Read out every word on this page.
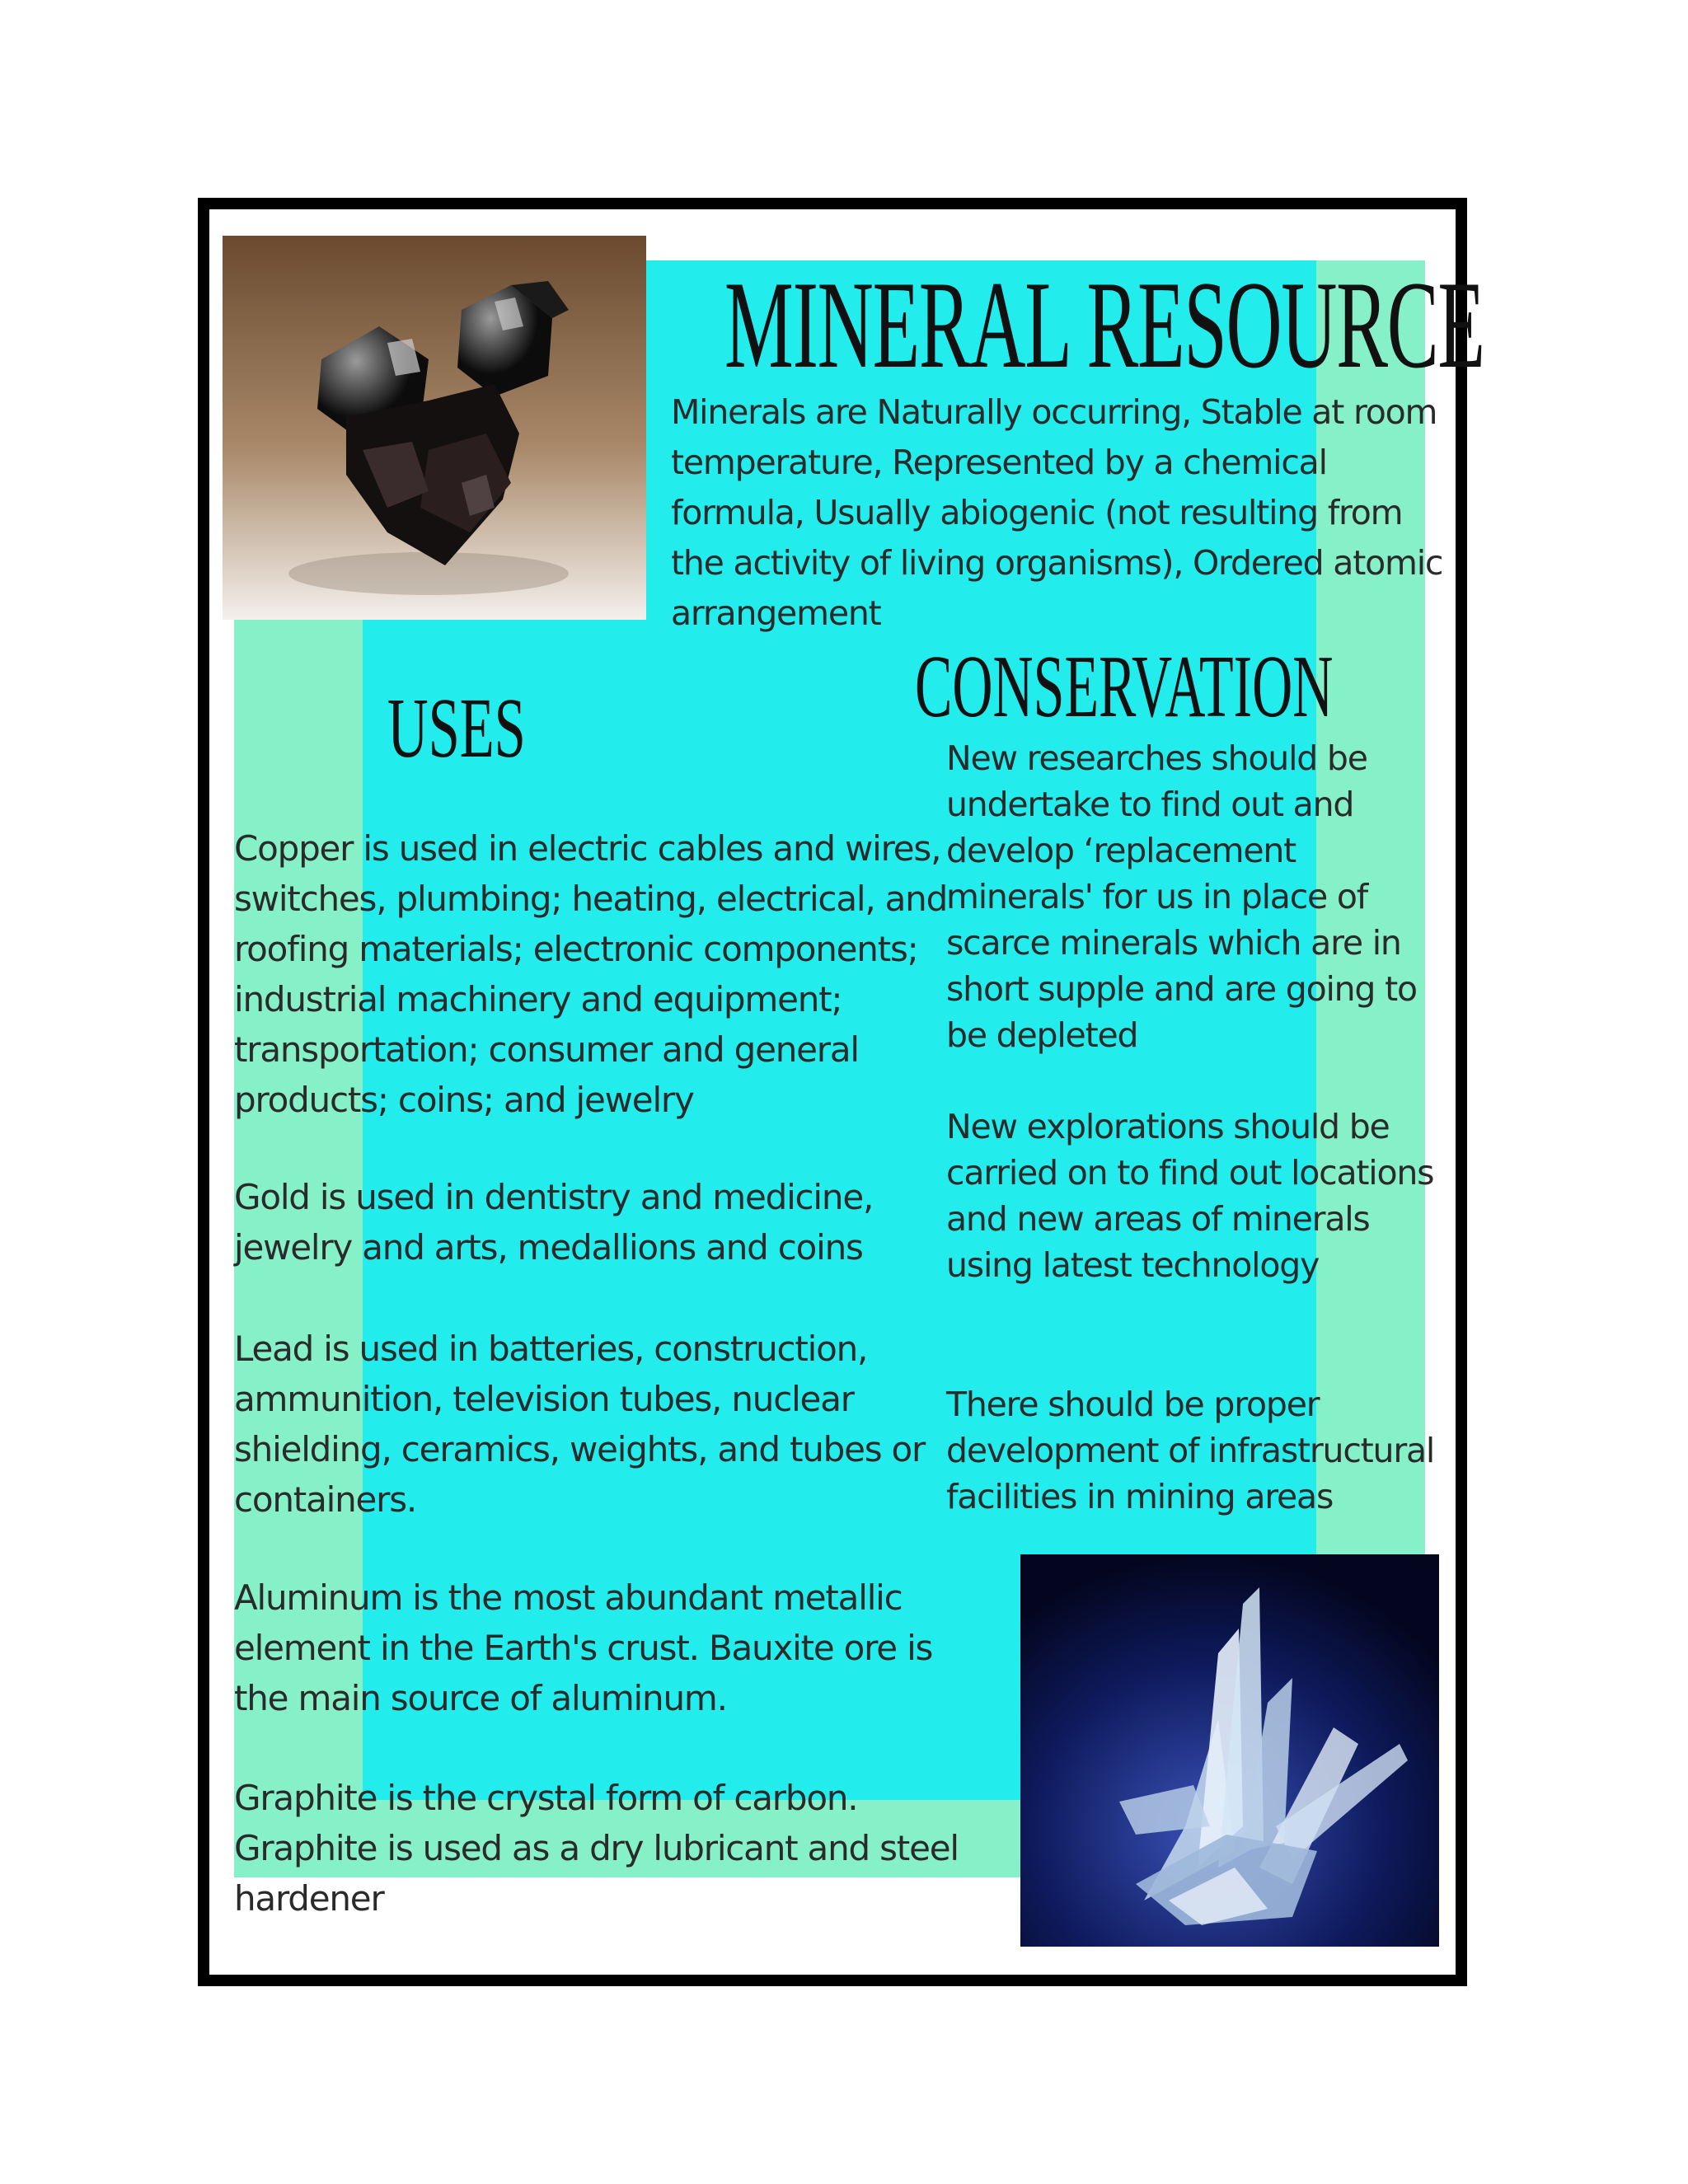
MINERAL RESOURCE
USES	CONSERVATION

Minerals are Naturally occurring, Stable at room temperature, Represented by a chemical formula, Usually abiogenic (not resulting from the activity of living organisms), Ordered atomic arrangement

Copper is used in electric cables and wires, switches, plumbing; heating, electrical, and roofing materials; electronic components; industrial machinery and equipment; transportation; consumer and general products; coins; and jewelry

Gold is used in dentistry and medicine, jewelry and arts, medallions and coins

Lead is used in batteries, construction, ammunition, television tubes, nuclear shielding, ceramics, weights, and tubes or containers.

Aluminum is the most abundant metallic element in the Earth's crust. Bauxite ore is the main source of aluminum.

Graphite is the crystal form of carbon. Graphite is used as a dry lubricant and steel hardener

New researches should be undertake to find out and develop ‘replacement minerals' for us in place of scarce minerals which are in short supple and are going to be depleted

New explorations should be carried on to find out locations and new areas of minerals using latest technology

There should be proper development of infrastructural facilities in mining areas
